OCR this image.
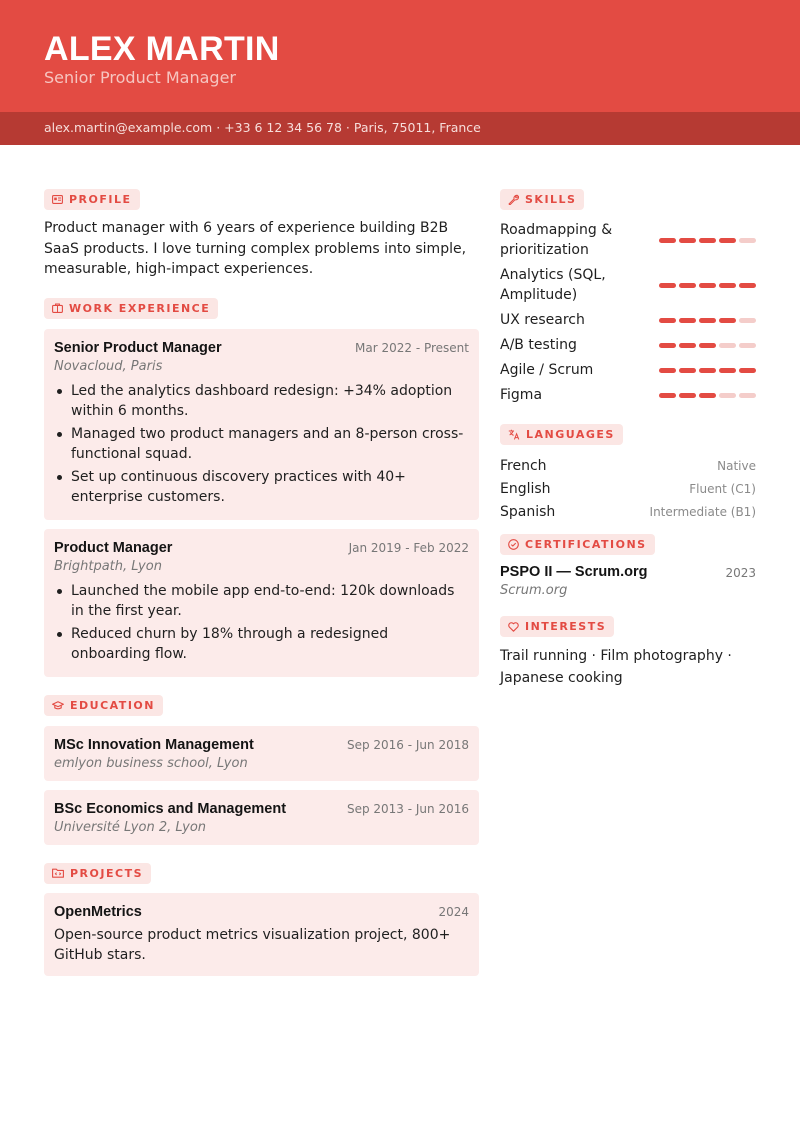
ALEX MARTIN
Senior Product Manager
alex.martin@example.com · +33 6 12 34 56 78 · Paris, 75011, France
PROFILE

Product manager with 6 years of experience building B2B SaaS products. I love turning complex problems into simple, measurable, high-impact experiences.

WORK EXPERIENCE
Senior Product Manager	Mar 2022 - Present
Novacloud, Paris
Led the analytics dashboard redesign: +34% adoption within 6 months.
Managed two product managers and an 8-person cross-functional squad.
Set up continuous discovery practices with 40+ enterprise customers.
Product Manager	Jan 2019 - Feb 2022
Brightpath, Lyon
Launched the mobile app end-to-end: 120k downloads in the first year.
Reduced churn by 18% through a redesigned onboarding flow.
EDUCATION
MSc Innovation Management	Sep 2016 - Jun 2018
emlyon business school, Lyon
BSc Economics and Management	Sep 2013 - Jun 2016
Université Lyon 2, Lyon
PROJECTS
OpenMetrics	2024

Open-source product metrics visualization project, 800+ GitHub stars.

SKILLS
Roadmapping & prioritization
Analytics (SQL, Amplitude)
UX research
A/B testing
Agile / Scrum
Figma
LANGUAGES
French	Native
English	Fluent (C1)
Spanish	Intermediate (B1)
CERTIFICATIONS
PSPO II — Scrum.org	2023
Scrum.org
INTERESTS

Trail running · Film photography · Japanese cooking
